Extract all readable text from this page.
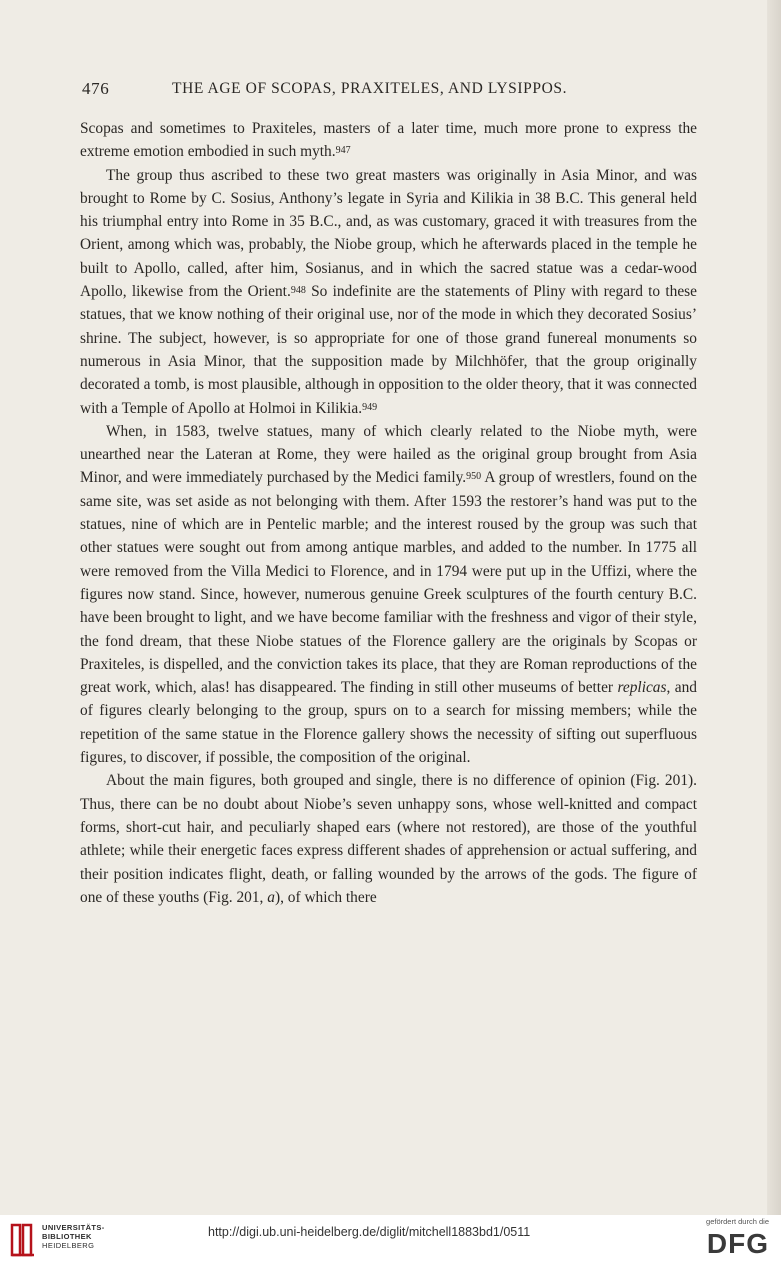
476	THE AGE OF SCOPAS, PRAXITELES, AND LYSIPPOS.

Scopas and sometimes to Praxiteles, masters of a later time, much more prone to express the extreme emotion embodied in such myth.947

The group thus ascribed to these two great masters was originally in Asia Minor, and was brought to Rome by C. Sosius, Anthony’s legate in Syria and Kilikia in 38 B.C. This general held his triumphal entry into Rome in 35 B.C., and, as was customary, graced it with treasures from the Orient, among which was, probably, the Niobe group, which he afterwards placed in the temple he built to Apollo, called, after him, Sosianus, and in which the sacred statue was a cedar-wood Apollo, likewise from the Orient.948 So indefinite are the statements of Pliny with regard to these statues, that we know nothing of their original use, nor of the mode in which they decorated Sosius’ shrine. The subject, however, is so appropriate for one of those grand funereal monuments so numerous in Asia Minor, that the supposition made by Milchhöfer, that the group originally decorated a tomb, is most plausible, although in opposition to the older theory, that it was connected with a Temple of Apollo at Holmoi in Kilikia.949

When, in 1583, twelve statues, many of which clearly related to the Niobe myth, were unearthed near the Lateran at Rome, they were hailed as the original group brought from Asia Minor, and were immediately purchased by the Medici family.950 A group of wrestlers, found on the same site, was set aside as not belonging with them. After 1593 the restorer’s hand was put to the statues, nine of which are in Pentelic marble; and the interest roused by the group was such that other statues were sought out from among antique marbles, and added to the number. In 1775 all were removed from the Villa Medici to Florence, and in 1794 were put up in the Uffizi, where the figures now stand. Since, however, numerous genuine Greek sculptures of the fourth century B.C. have been brought to light, and we have become familiar with the freshness and vigor of their style, the fond dream, that these Niobe statues of the Florence gallery are the originals by Scopas or Praxiteles, is dispelled, and the conviction takes its place, that they are Roman reproductions of the great work, which, alas! has disappeared. The finding in still other museums of better replicas, and of figures clearly belonging to the group, spurs on to a search for missing members; while the repetition of the same statue in the Florence gallery shows the necessity of sifting out superfluous figures, to discover, if possible, the composition of the original.

About the main figures, both grouped and single, there is no difference of opinion (Fig. 201). Thus, there can be no doubt about Niobe’s seven unhappy sons, whose well-knitted and compact forms, short-cut hair, and peculiarly shaped ears (where not restored), are those of the youthful athlete; while their energetic faces express different shades of apprehension or actual suffering, and their position indicates flight, death, or falling wounded by the arrows of the gods. The figure of one of these youths (Fig. 201, a), of which there

UNIVERSITÄTS-
BIBLIOTHEK
HEIDELBERG
http://digi.ub.uni-heidelberg.de/diglit/mitchell1883bd1/0511
gefördert durch die
DFG
